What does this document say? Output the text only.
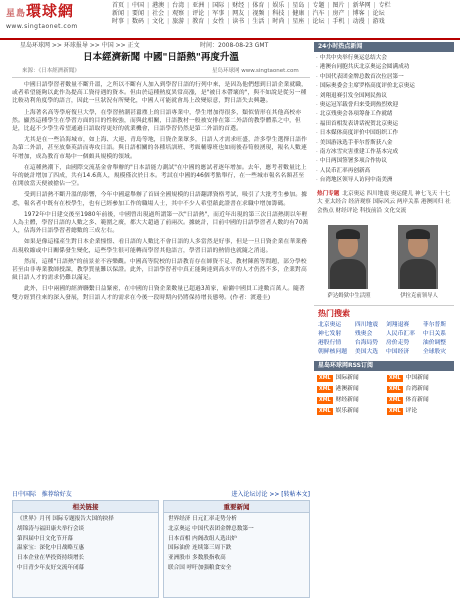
星島環球網
www.singtaonet.com
首页 | 中国 | 港澳 | 台湾 | 亚洲 | 国际 | 财经 | 体育 | 娱乐 | 星岛 | 专题 | 图片 | 新华网 | 专栏
新闻 | 要闻 | 社会 | 观察 | 评论 | 军事 | 网友 | 视频 | 科技 | 健康 | 汽车 | 房产 | 博客 | 论坛
时事 | 数码 | 文化 | 旅游 | 教育 | 女性 | 读书 | 生活 | 时尚 | 星座 | 论坛 | 手机 | 动漫 | 游戏
星岛环球网 >> 环球报导 >> 中国 >> 正文	时间：2008-08-23 GMT
日本經濟新聞 中國"日語熱"再度升溫
來源：《日本經濟新聞》	星岛环球网 www.singtaonet.com

中國日語學習者數量不斷升溫，之所以不斷有人加入到學習日語的行列中來，是因為他們想到日語企業就職，或者希望能夠以此作為提高工資待遇的資本。但由於這種熱度異常高漲，是"被日本帶壞的"，與不如說是從另一種比較功利角度學的語言，因此一旦狀況有所變化，中國人可能就會馬上改變原意，對日語失去興趣。

上海著名高等學府復旦大學，在學習熱潮甚囂塵上的日語專業中，學生增加得很多，類似情形在其他高校亦然。顯然這種學生在學習方面的目的性較強，而與此相關，日語教材一般被安排在第二外語的教學體系之中，但是，比起不少學生希望通過日語取得更好的就業機會，日語學習仍然是第二外語的首選。

尤其是在一些沿海城市，如上海、大連、青島等地，日資企業眾多，日語人才需求旺盛，許多學生選擇日語作為第二外語，甚至放棄英語而專攻日語。與日語相關的各種培訓班、考級輔導班也如雨後春筍般湧現，報名人數連年增加，成為教育市場中一個頗具規模的領域。

在這種熱潮下，由國際交流基金會舉辦的"日本語能力測試"在中國的應試者逐年增加。去年，應考者數量比上年的統計增加了四成，共有14.6萬人，規模僅次於日本。考試在中國的46個考點舉行，在一些城市報名名額甚至在開放當天便被搶佔一空。

受到日語熱不斷升溫的影響，今年中國還舉辦了首屆全國規模的日語翻譯資格考試，吸引了大批考生參加。據悉，報名者中既有在校學生，也有已經參加工作的職場人士，其中不少人希望藉此證書在求職中增加籌碼。

1972年中日建交後至1980年前後，中國曾出現過所謂第一次"日語熱"，而近年出現的第三次日語熱則以年輕人為主體，學習日語的人數之多、範圍之廣，都大大超過了前兩次。據統計，目前中國的日語學習者人數約有70萬人，佔海外日語學習者總數的三成左右。

如果是像這樣產生對日本企業憧憬、看日語的人數比不會日語的人多當然是好事，但是一旦日資企業在華業務出現收縮或中日關係發生變化，這些學生很可能轉而學習其他語言，學習日語的熱情也就隨之消退。

然而，這種"日語熱"的前景並不容樂觀。中國高等院校的日語教育存在師資不足、教材陳舊等問題，部分學校甚至由非專業教師授課，教學質量難以保證。此外，日語學習者中真正能夠達到高水平的人才仍然不多，企業對高級日語人才的需求仍難以滿足。

此外，日中兩國的經濟聯繫日益緊密，在中國的日資企業數量已超過3萬家，雇傭中國員工達數百萬人。隨著雙方經貿往來的深入發展，對日語人才的需求在今後一段時期內仍將保持增長態勢。(作者：渡邊圭)

日中国际 推荐给好友	进入论坛讨论 >> [转帖本文]
相关链接
《世界》月刊 国际专题报告大国的抉择
胡锦涛与福田康夫举行会谈
第四届中日文化节开幕
温家宝：深化中日战略互惠
日本企业在华投资持续增长
中日青少年友好交流年闭幕
重要新闻
世界经济 日元汇率走势分析
北京奥运 中国代表团金牌总数第一
日本首相 内阁改组人选出炉
国际油价 连续第三周下跌
亚洲股市 多数股指收高
联合国 呼吁加强粮食安全
24小时热点新闻
· 中共中央举行奥运总结大会
· 港澳台同胞共庆北京奥运会圆满成功
· 中国代表团金牌总数首次位居第一
· 国际奥委会主席罗格高度评价北京奥运
· 刘翔退赛引发全国网民热议
· 奥运冠军载誉归来受到热烈欢迎
· 北京残奥会各项筹备工作就绪
· 福田首相发表讲话祝贺北京奥运
· 日本媒体高度评价中国组织工作
· 美国游泳选手菲尔普斯获八金
· 南方冰雪灾害重建工作基本完成
· 中日两国签署多项合作协议
· 人民币汇率再创新高
· 台湾地区领导人访问中南美洲
热门专题 北京奥运 四川地震 奥运健儿 神七飞天 十七大 亚太经合 经济观察 国际风云 两岸关系 港澳回归 社会热点 财经评论 科技前沿 文化交流
萨达姆狱中生活照	伊拉克前领导人
热门搜索
北京奥运	四川地震	刘翔退赛	菲尔普斯
神七发射	残奥会	人民币汇率	中日关系
港股行情	台海局势	房价走势	油价调整
朝鲜核问题	美国大选	中国经济	全球股灾
星岛环球网RSS订阅
XML 国际新闻	XML 中国新闻
XML 港澳新闻	XML 台湾新闻
XML 财经新闻	XML 体育新闻
XML 娱乐新闻	XML 评论
